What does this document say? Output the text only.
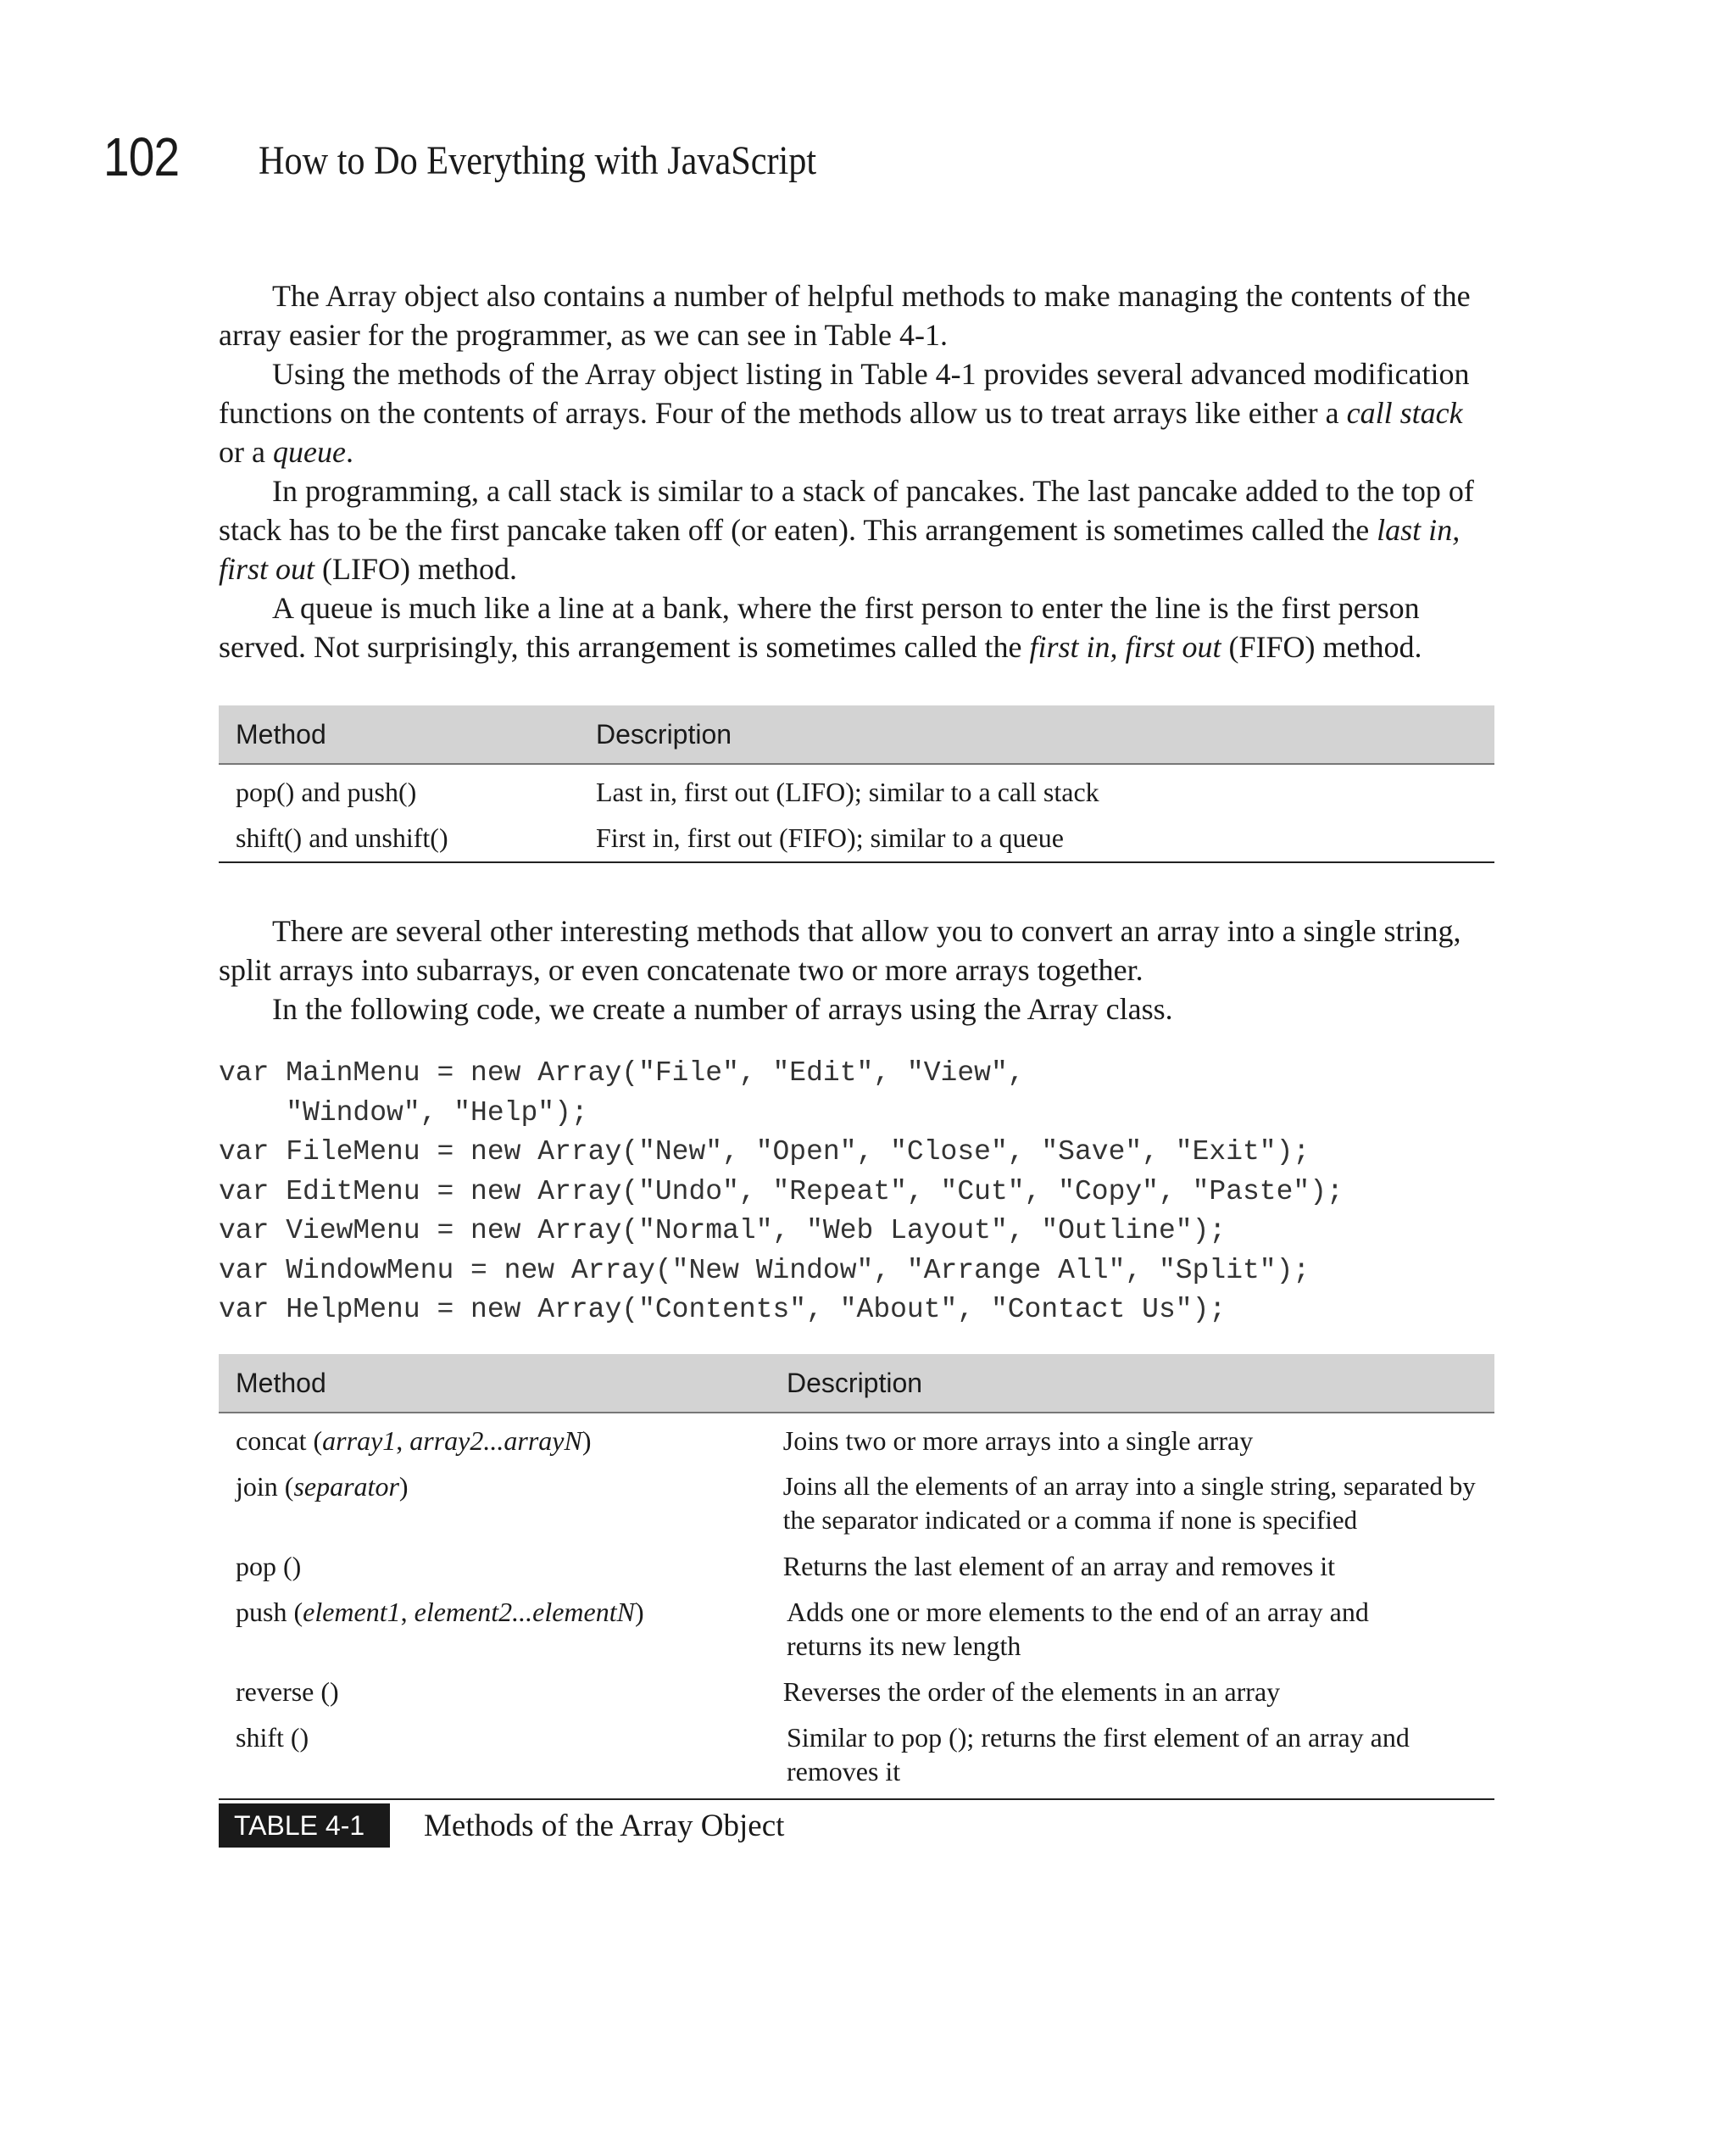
102 How to Do Everything with JavaScript

The Array object also contains a number of helpful methods to make managing the contents of the array easier for the programmer, as we can see in Table 4-1.

Using the methods of the Array object listing in Table 4-1 provides several advanced modification functions on the contents of arrays. Four of the methods allow us to treat arrays like either a call stack or a queue.

In programming, a call stack is similar to a stack of pancakes. The last pancake added to the top of stack has to be the first pancake taken off (or eaten). This arrangement is sometimes called the last in, first out (LIFO) method.

A queue is much like a line at a bank, where the first person to enter the line is the first person served. Not surprisingly, this arrangement is sometimes called the first in, first out (FIFO) method.

Method	Description
pop() and push()	Last in, first out (LIFO); similar to a call stack
shift() and unshift()	First in, first out (FIFO); similar to a queue

There are several other interesting methods that allow you to convert an array into a single string, split arrays into subarrays, or even concatenate two or more arrays together.

In the following code, we create a number of arrays using the Array class.

var MainMenu = new Array("File", "Edit", "View",
"Window", "Help");
var FileMenu = new Array("New", "Open", "Close", "Save", "Exit");
var EditMenu = new Array("Undo", "Repeat", "Cut", "Copy", "Paste");
var ViewMenu = new Array("Normal", "Web Layout", "Outline");
var WindowMenu = new Array("New Window", "Arrange All", "Split");
var HelpMenu = new Array("Contents", "About", "Contact Us");
Method	Description
concat (array1, array2...arrayN)	Joins two or more arrays into a single array
join (separator)	Joins all the elements of an array into a single string, separated by the separator indicated or a comma if none is specified
pop ()	Returns the last element of an array and removes it
push (element1, element2...elementN)	Adds one or more elements to the end of an array and returns its new length
reverse ()	Reverses the order of the elements in an array
shift ()	Similar to pop (); returns the first element of an array and removes it
TABLE 4-1	Methods of the Array Object
